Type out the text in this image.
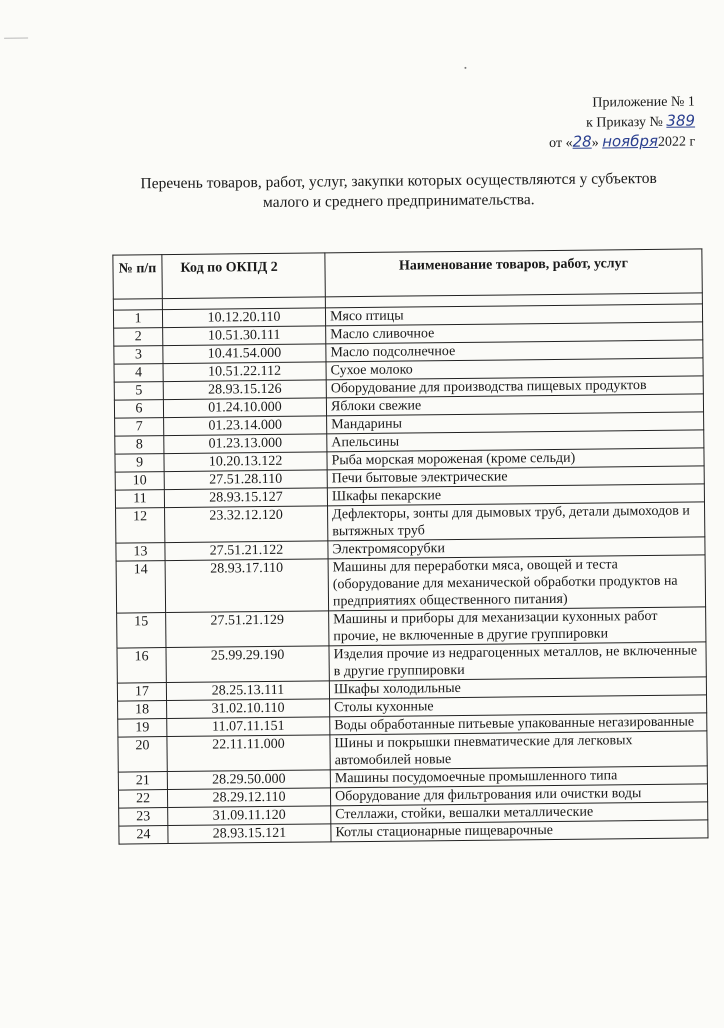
Приложение № 1
к Приказу № 389
от «28» ноября2022 г
Перечень товаров, работ, услуг, закупки которых осуществляются у субъектов
малого и среднего предпринимательства.
№ п/п	Код по ОКПД 2	Наименование товаров, работ, услуг

1	10.12.20.110	Мясо птицы
2	10.51.30.111	Масло сливочное
3	10.41.54.000	Масло подсолнечное
4	10.51.22.112	Сухое молоко
5	28.93.15.126	Оборудование для производства пищевых продуктов
6	01.24.10.000	Яблоки свежие
7	01.23.14.000	Мандарины
8	01.23.13.000	Апельсины
9	10.20.13.122	Рыба морская мороженая (кроме сельди)
10	27.51.28.110	Печи бытовые электрические
11	28.93.15.127	Шкафы пекарские
12	23.32.12.120	Дефлекторы, зонты для дымовых труб, детали дымоходов и вытяжных труб
13	27.51.21.122	Электромясорубки
14	28.93.17.110	Машины для переработки мяса, овощей и теста (оборудование для механической обработки продуктов на предприятиях общественного питания)
15	27.51.21.129	Машины и приборы для механизации кухонных работ прочие, не включенные в другие группировки
16	25.99.29.190	Изделия прочие из недрагоценных металлов, не включенные в другие группировки
17	28.25.13.111	Шкафы холодильные
18	31.02.10.110	Столы кухонные
19	11.07.11.151	Воды обработанные питьевые упакованные негазированные
20	22.11.11.000	Шины и покрышки пневматические для легковых автомобилей новые
21	28.29.50.000	Машины посудомоечные промышленного типа
22	28.29.12.110	Оборудование для фильтрования или очистки воды
23	31.09.11.120	Стеллажи, стойки, вешалки металлические
24	28.93.15.121	Котлы стационарные пищеварочные
